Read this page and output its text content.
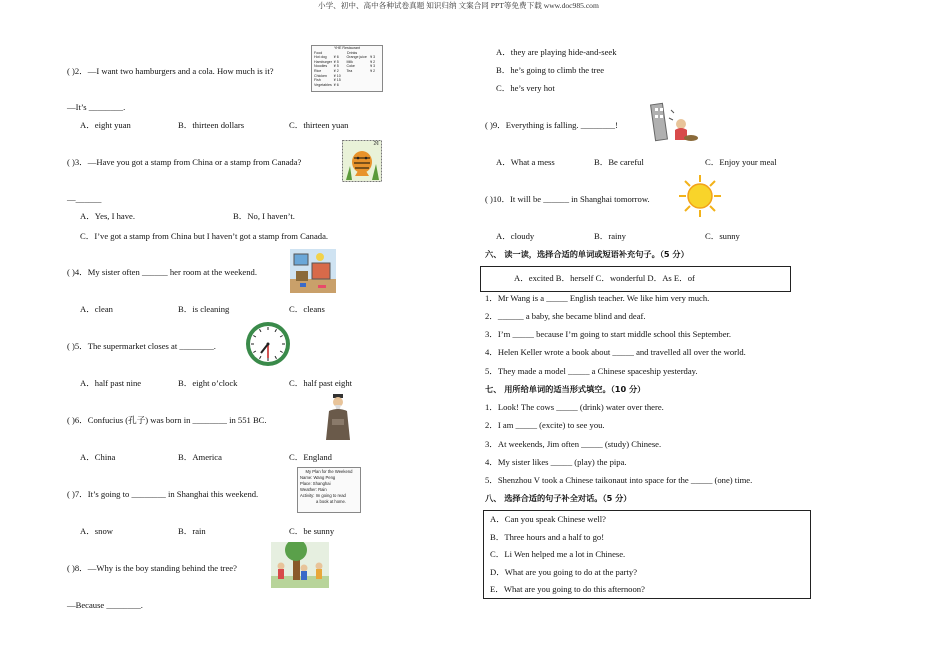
小学、初中、高中各种试卷真题 知识归纳 文案合同 PPT等免费下载 www.doc985.com
( )2．—I want two hamburgers and a cola. How much is it?
YHE Restaurant
Food	Drinks
Hot dog	¥ 6	Orange juice ¥ 3
Hamburger ¥ 5	Milk	¥ 2
Noodles	¥ 5	Coke	¥ 3
Rice	¥ 2	Tea	¥ 2
Chicken	¥ 10
Fish	¥ 15
Vegetables ¥ 6
—It’s ________.
A．eight yuan	B．thirteen dollars	C．thirteen yuan
( )3．—Have you got a stamp from China or a stamp from Canada?
2¢
—______
A．Yes, I have.	B．No, I haven’t.
C．I’ve got a stamp from China but I haven’t got a stamp from Canada.
( )4．My sister often ______ her room at the weekend.
A．clean	B．is cleaning	C．cleans
( )5．The supermarket closes at ________.
A．half past nine	B．eight o’clock	C．half past eight
( )6．Confucius (孔子) was born in ________ in 551 BC.
A．China	B．America	C．England
( )7．It’s going to ________ in Shanghai this weekend.
My Plan for the Weekend
Name: Wang Peng
Place: Shanghai
Weather: Rain
Activity: Im going to read
a book at home.
A．snow	B．rain	C．be sunny
( )8．—Why is the boy standing behind the tree?
—Because ________.
A．they are playing hide-and-seek
B．he’s going to climb the tree
C．he’s very hot
( )9．Everything is falling. ________!
A．What a mess	B．Be careful	C．Enjoy your meal
( )10．It will be ______ in Shanghai tomorrow.
A．cloudy	B．rainy	C．sunny
六、 读一读，选择合适的单词或短语补充句子。（5 分）
A．excited B．herself C．wonderful D．As E．of
1．Mr Wang is a _____ English teacher. We like him very much.
2．______ a baby, she became blind and deaf.
3．I’m _____ because I’m going to start middle school this September.
4．Helen Keller wrote a book about _____ and travelled all over the world.
5．They made a model _____ a Chinese spaceship yesterday.
七、 用所给单词的适当形式填空。（10 分）
1．Look! The cows _____ (drink) water over there.
2．I am _____ (excite) to see you.
3．At weekends, Jim often _____ (study) Chinese.
4．My sister likes _____ (play) the pipa.
5．Shenzhou V took a Chinese taikonaut into space for the _____ (one) time.
八、 选择合适的句子补全对话。（5 分）
A．Can you speak Chinese well?
B．Three hours and a half to go!
C．Li Wen helped me a lot in Chinese.
D．What are you going to do at the party?
E．What are you going to do this afternoon?
